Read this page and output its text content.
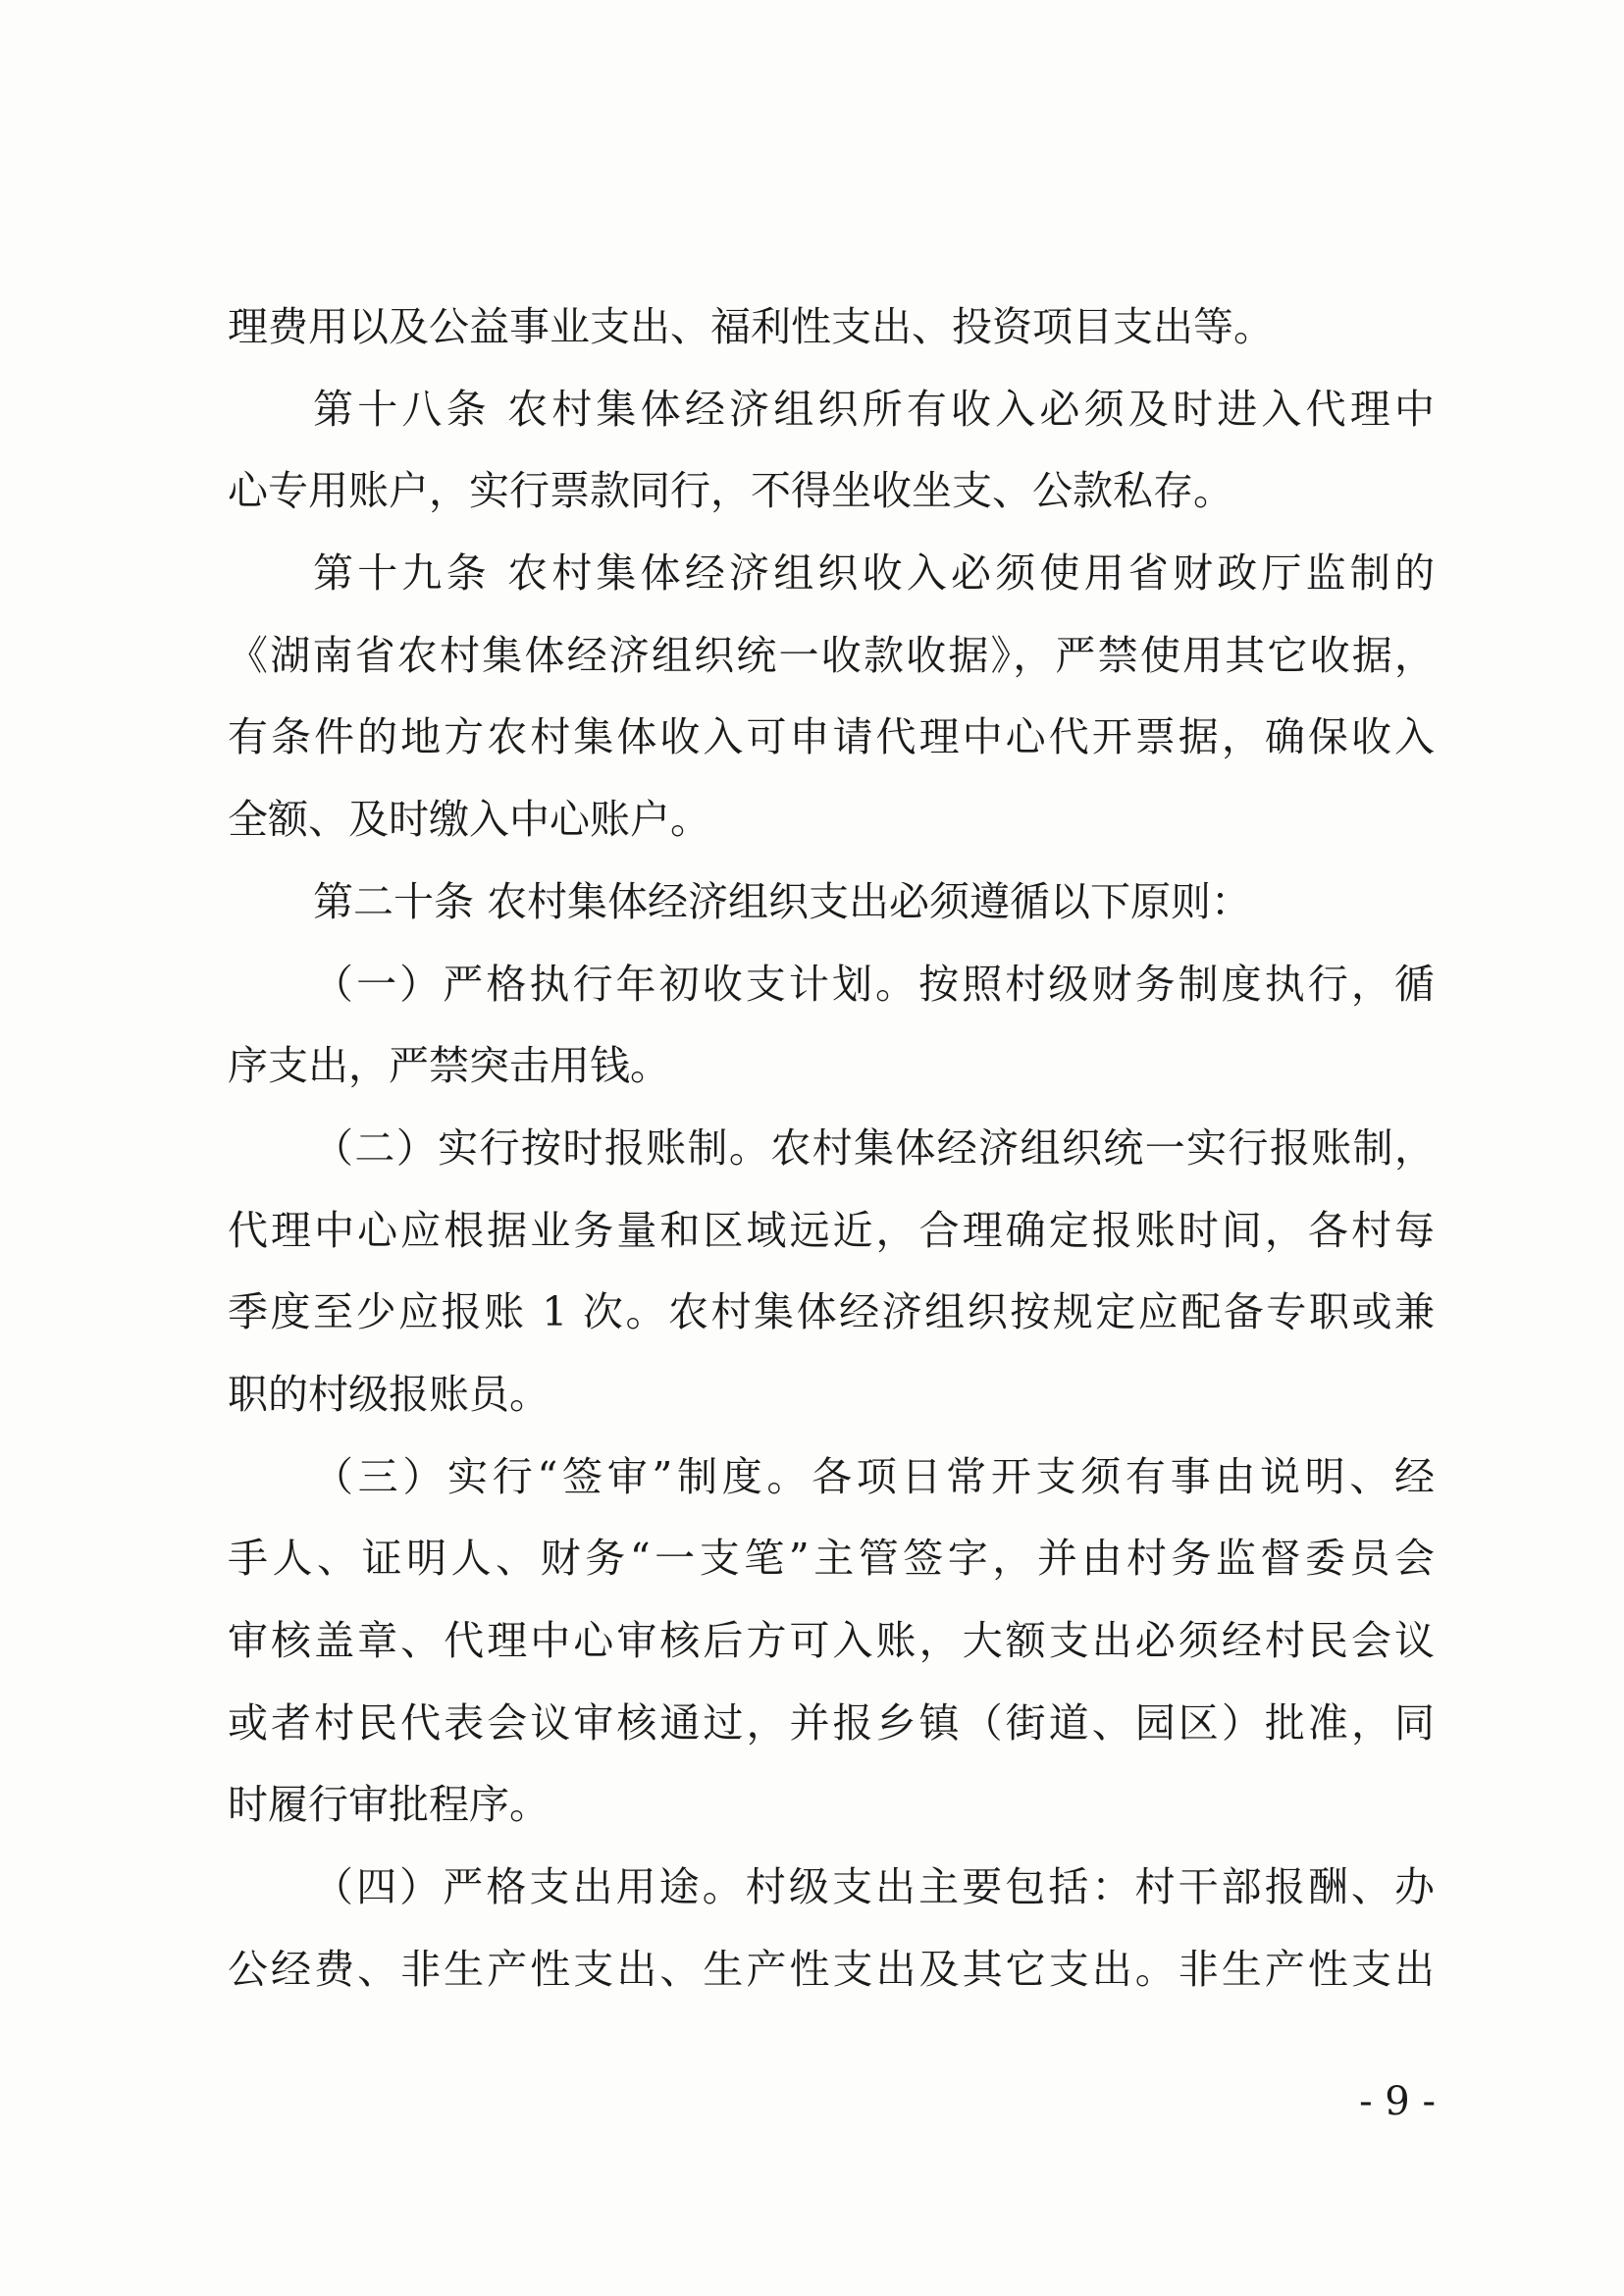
理费用以及公益事业支出、福利性支出、投资项目支出等。
第十八条 农村集体经济组织所有收入必须及时进入代理中
心专用账户，实行票款同行，不得坐收坐支、公款私存。
第十九条 农村集体经济组织收入必须使用省财政厅监制的
《湖南省农村集体经济组织统一收款收据》，严禁使用其它收据，
有条件的地方农村集体收入可申请代理中心代开票据，确保收入
全额、及时缴入中心账户。
第二十条 农村集体经济组织支出必须遵循以下原则：
（一）严格执行年初收支计划。按照村级财务制度执行，循
序支出，严禁突击用钱。
（二）实行按时报账制。农村集体经济组织统一实行报账制，
代理中心应根据业务量和区域远近，合理确定报账时间，各村每
季度至少应报账 1 次。农村集体经济组织按规定应配备专职或兼
职的村级报账员。
（三）实行“签审”制度。各项日常开支须有事由说明、经
手人、证明人、财务“一支笔”主管签字，并由村务监督委员会
审核盖章、代理中心审核后方可入账，大额支出必须经村民会议
或者村民代表会议审核通过，并报乡镇（街道、园区）批准，同
时履行审批程序。
（四）严格支出用途。村级支出主要包括：村干部报酬、办
公经费、非生产性支出、生产性支出及其它支出。非生产性支出
- 9 -
